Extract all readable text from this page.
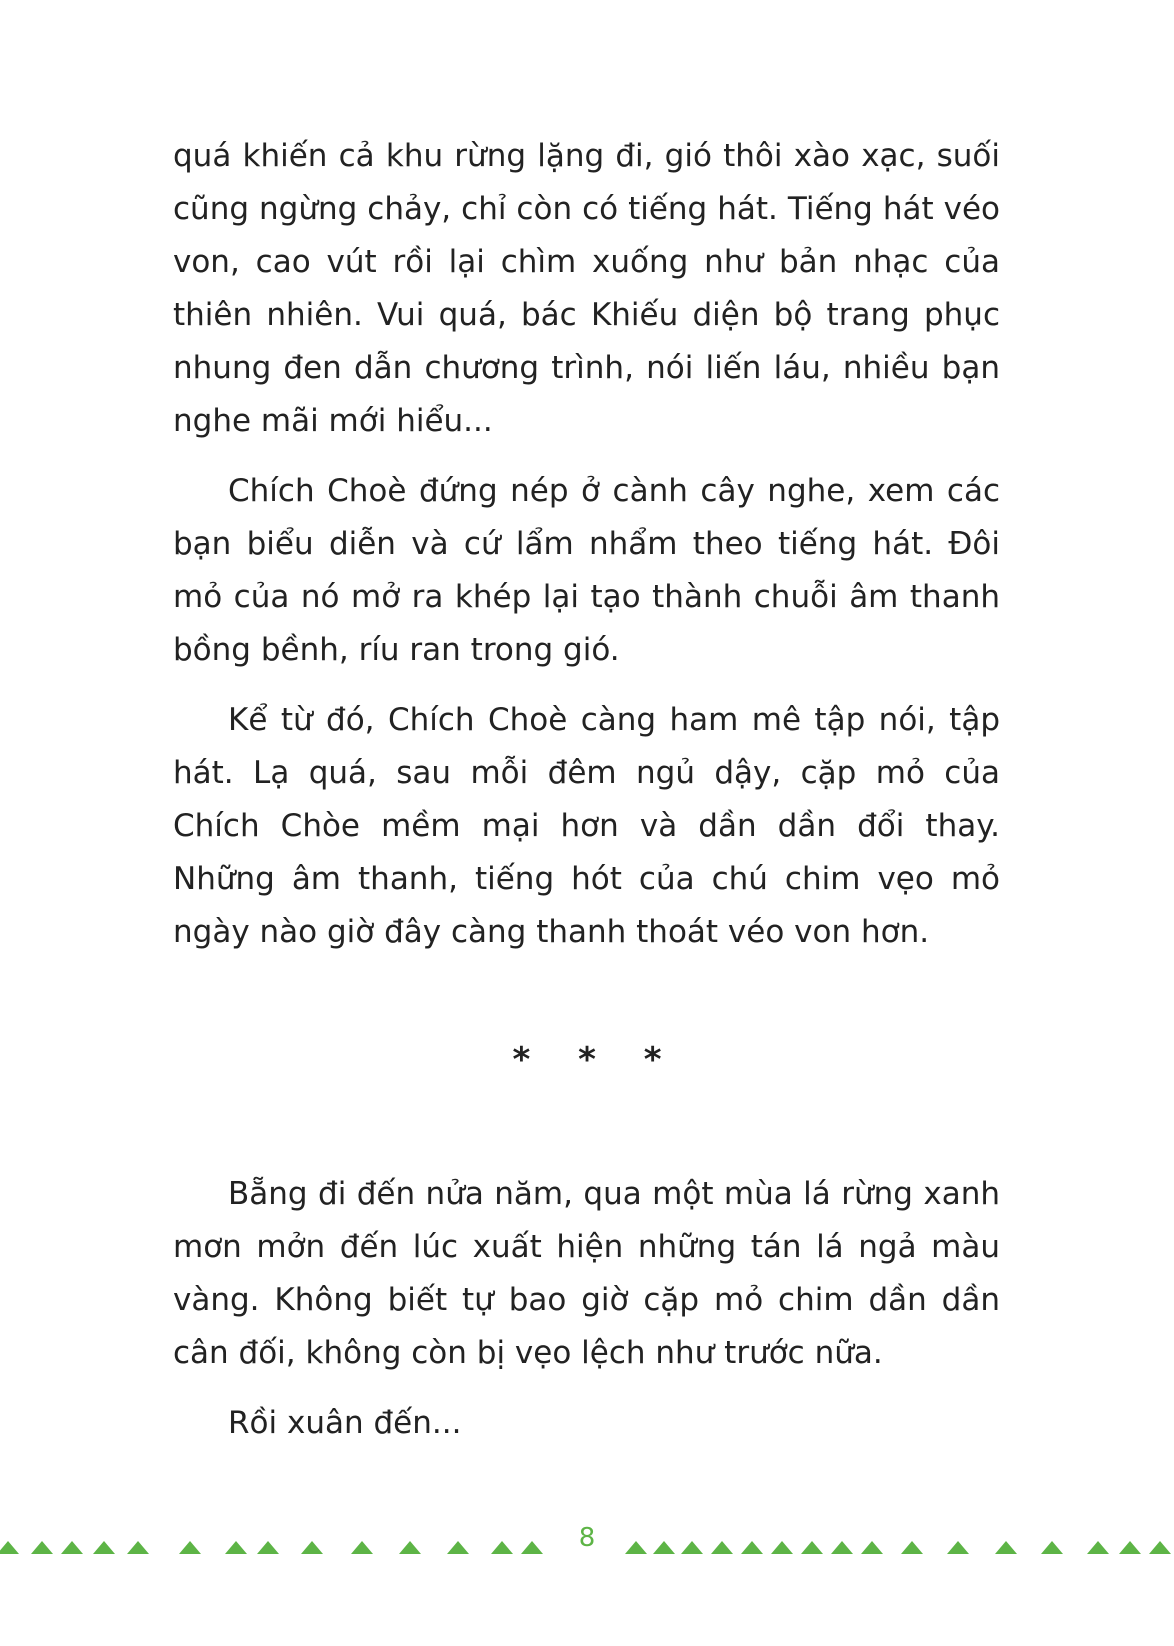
quá khiến cả khu rừng lặng đi, gió thôi xào xạc, suối cũng ngừng chảy, chỉ còn có tiếng hát. Tiếng hát véo von, cao vút rồi lại chìm xuống như bản nhạc của thiên nhiên. Vui quá, bác Khiếu diện bộ trang phục nhung đen dẫn chương trình, nói liến láu, nhiều bạn nghe mãi mới hiểu...

Chích Choè đứng nép ở cành cây nghe, xem các bạn biểu diễn và cứ lẩm nhẩm theo tiếng hát. Đôi mỏ của nó mở ra khép lại tạo thành chuỗi âm thanh bồng bềnh, ríu ran trong gió.

Kể từ đó, Chích Choè càng ham mê tập nói, tập hát. Lạ quá, sau mỗi đêm ngủ dậy, cặp mỏ của Chích Chòe mềm mại hơn và dần dần đổi thay. Những âm thanh, tiếng hót của chú chim vẹo mỏ ngày nào giờ đây càng thanh thoát véo von hơn.

* * *

Bẵng đi đến nửa năm, qua một mùa lá rừng xanh mơn mởn đến lúc xuất hiện những tán lá ngả màu vàng. Không biết tự bao giờ cặp mỏ chim dần dần cân đối, không còn bị vẹo lệch như trước nữa.

Rồi xuân đến...

8
